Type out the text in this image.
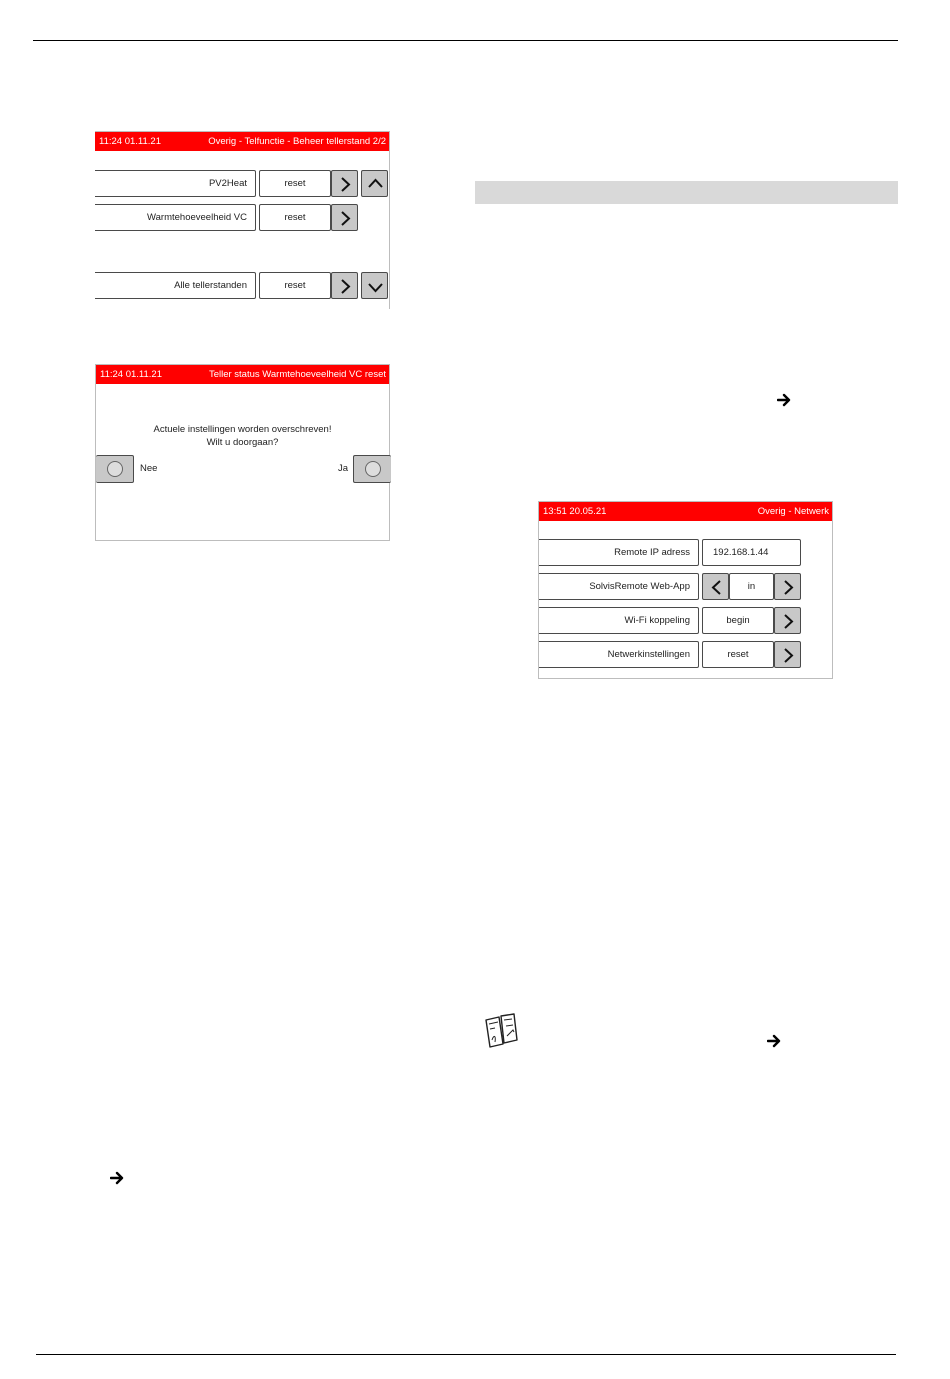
11:24 01.11.21	Overig - Telfunctie - Beheer tellerstand 2/2
PV2Heat	reset
Warmtehoeveelheid VC	reset
Alle tellerstanden	reset
11:24 01.11.21	Teller status Warmtehoeveelheid VC reset
Actuele instellingen worden overschreven!
Wilt u doorgaan?
Nee	Ja
13:51 20.05.21	Overig - Netwerk
Remote IP adress	192.168.1.44
SolvisRemote Web-App	in
Wi-Fi koppeling	begin
Netwerkinstellingen	reset
